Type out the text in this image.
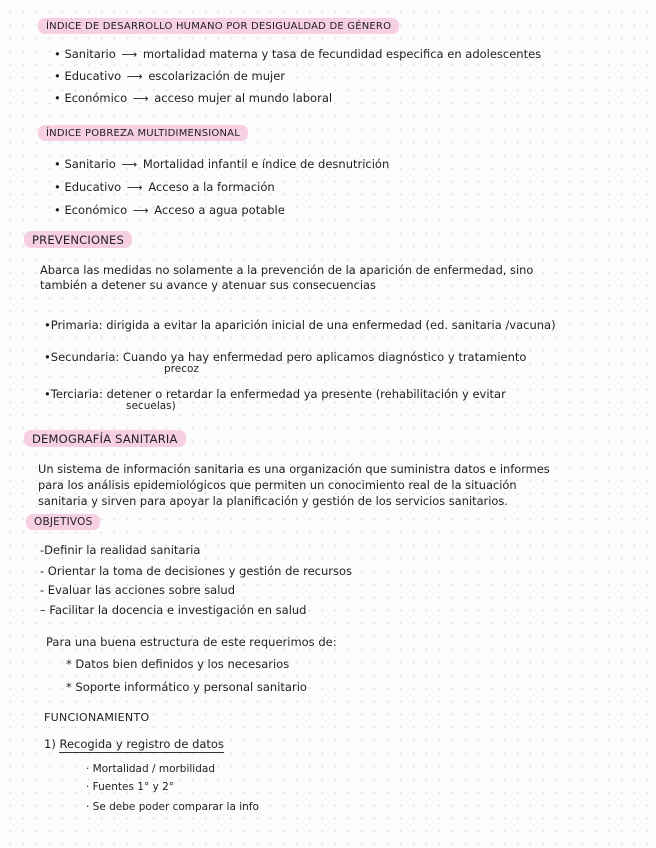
ÍNDICE DE DESARROLLO HUMANO POR DESIGUALDAD DE GÉNERO
• Sanitario ⟶ mortalidad materna y tasa de fecundidad especifica en adolescentes
• Educativo ⟶ escolarización de mujer
• Económico ⟶ acceso mujer al mundo laboral
ÍNDICE POBREZA MULTIDIMENSIONAL
• Sanitario ⟶ Mortalidad infantil e índice de desnutrición
• Educativo ⟶ Acceso a la formación
• Económico ⟶ Acceso a agua potable
PREVENCIONES
Abarca las medidas no solamente a la prevención de la aparición de enfermedad, sino
también a detener su avance y atenuar sus consecuencias
•Primaria: dirigida a evitar la aparición inicial de una enfermedad (ed. sanitaria /vacuna)
•Secundaria: Cuando ya hay enfermedad pero aplicamos diagnóstico y tratamiento
precoz
•Terciaria: detener o retardar la enfermedad ya presente (rehabilitación y evitar
secuelas)
DEMOGRAFÍA SANITARIA
Un sistema de información sanitaria es una organización que suministra datos e informes
para los análisis epidemiológicos que permiten un conocimiento real de la situación
sanitaria y sirven para apoyar la planificación y gestión de los servicios sanitarios.
OBJETIVOS
-Definir la realidad sanitaria
- Orientar la toma de decisiones y gestión de recursos
- Evaluar las acciones sobre salud
– Facilitar la docencia e investigación en salud
Para una buena estructura de este requerimos de:
* Datos bien definidos y los necesarios
* Soporte informático y personal sanitario
FUNCIONAMIENTO
1) Recogida y registro de datos
· Mortalidad / morbilidad
· Fuentes 1° y 2°
· Se debe poder comparar la info
